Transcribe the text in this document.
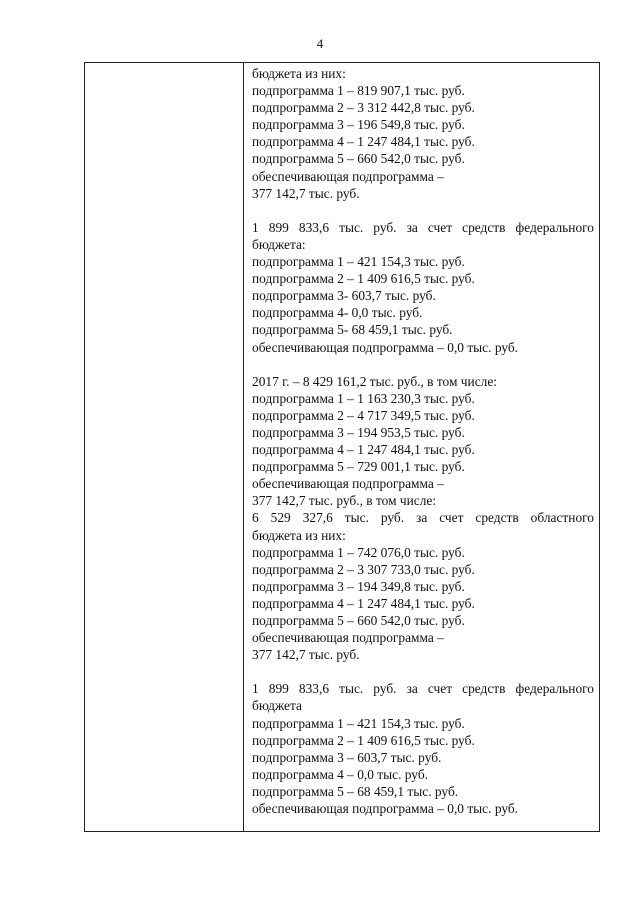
4
бюджета из них:
подпрограмма 1 – 819 907,1 тыс. руб.
подпрограмма 2 – 3 312 442,8 тыс. руб.
подпрограмма 3 – 196 549,8 тыс. руб.
подпрограмма 4 – 1 247 484,1 тыс. руб.
подпрограмма 5 – 660 542,0 тыс. руб.
обеспечивающая подпрограмма –
377 142,7 тыс. руб.
1 899 833,6 тыс. руб. за счет средств федерального
бюджета:
подпрограмма 1 – 421 154,3 тыс. руб.
подпрограмма 2 – 1 409 616,5 тыс. руб.
подпрограмма 3- 603,7 тыс. руб.
подпрограмма 4- 0,0 тыс. руб.
подпрограмма 5- 68 459,1 тыс. руб.
обеспечивающая подпрограмма – 0,0 тыс. руб.
2017 г. – 8 429 161,2 тыс. руб., в том числе:
подпрограмма 1 – 1 163 230,3 тыс. руб.
подпрограмма 2 – 4 717 349,5 тыс. руб.
подпрограмма 3 – 194 953,5 тыс. руб.
подпрограмма 4 – 1 247 484,1 тыс. руб.
подпрограмма 5 – 729 001,1 тыс. руб.
обеспечивающая подпрограмма –
377 142,7 тыс. руб., в том числе:
6 529 327,6 тыс. руб. за счет средств областного
бюджета из них:
подпрограмма 1 – 742 076,0 тыс. руб.
подпрограмма 2 – 3 307 733,0 тыс. руб.
подпрограмма 3 – 194 349,8 тыс. руб.
подпрограмма 4 – 1 247 484,1 тыс. руб.
подпрограмма 5 – 660 542,0 тыс. руб.
обеспечивающая подпрограмма –
377 142,7 тыс. руб.
1 899 833,6 тыс. руб. за счет средств федерального
бюджета
подпрограмма 1 – 421 154,3 тыс. руб.
подпрограмма 2 – 1 409 616,5 тыс. руб.
подпрограмма 3 – 603,7 тыс. руб.
подпрограмма 4 – 0,0 тыс. руб.
подпрограмма 5 – 68 459,1 тыс. руб.
обеспечивающая подпрограмма – 0,0 тыс. руб.
